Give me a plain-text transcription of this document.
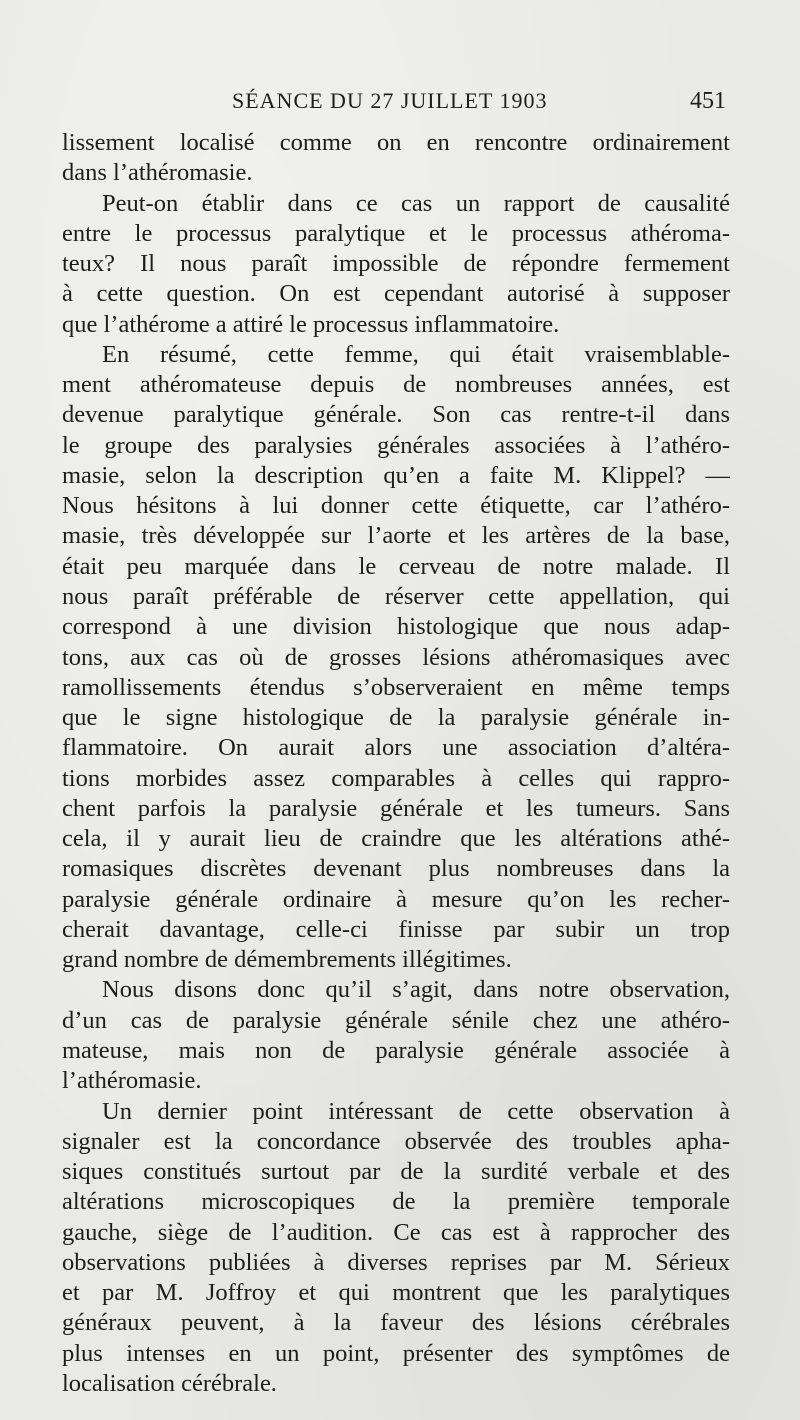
SÉANCE DU 27 JUILLET 1903	451
lissement localisé comme on en rencontre ordinairement
dans l’athéromasie.
Peut-on établir dans ce cas un rapport de causalité
entre le processus paralytique et le processus athéroma-
teux? Il nous paraît impossible de répondre fermement
à cette question. On est cependant autorisé à supposer
que l’athérome a attiré le processus inflammatoire.
En résumé, cette femme, qui était vraisemblable-
ment athéromateuse depuis de nombreuses années, est
devenue paralytique générale. Son cas rentre-t-il dans
le groupe des paralysies générales associées à l’athéro-
masie, selon la description qu’en a faite M. Klippel? —
Nous hésitons à lui donner cette étiquette, car l’athéro-
masie, très développée sur l’aorte et les artères de la base,
était peu marquée dans le cerveau de notre malade. Il
nous paraît préférable de réserver cette appellation, qui
correspond à une division histologique que nous adap-
tons, aux cas où de grosses lésions athéromasiques avec
ramollissements étendus s’observeraient en même temps
que le signe histologique de la paralysie générale in-
flammatoire. On aurait alors une association d’altéra-
tions morbides assez comparables à celles qui rappro-
chent parfois la paralysie générale et les tumeurs. Sans
cela, il y aurait lieu de craindre que les altérations athé-
romasiques discrètes devenant plus nombreuses dans la
paralysie générale ordinaire à mesure qu’on les recher-
cherait davantage, celle-ci finisse par subir un trop
grand nombre de démembrements illégitimes.
Nous disons donc qu’il s’agit, dans notre observation,
d’un cas de paralysie générale sénile chez une athéro-
mateuse, mais non de paralysie générale associée à
l’athéromasie.
Un dernier point intéressant de cette observation à
signaler est la concordance observée des troubles apha-
siques constitués surtout par de la surdité verbale et des
altérations microscopiques de la première temporale
gauche, siège de l’audition. Ce cas est à rapprocher des
observations publiées à diverses reprises par M. Sérieux
et par M. Joffroy et qui montrent que les paralytiques
généraux peuvent, à la faveur des lésions cérébrales
plus intenses en un point, présenter des symptômes de
localisation cérébrale.
